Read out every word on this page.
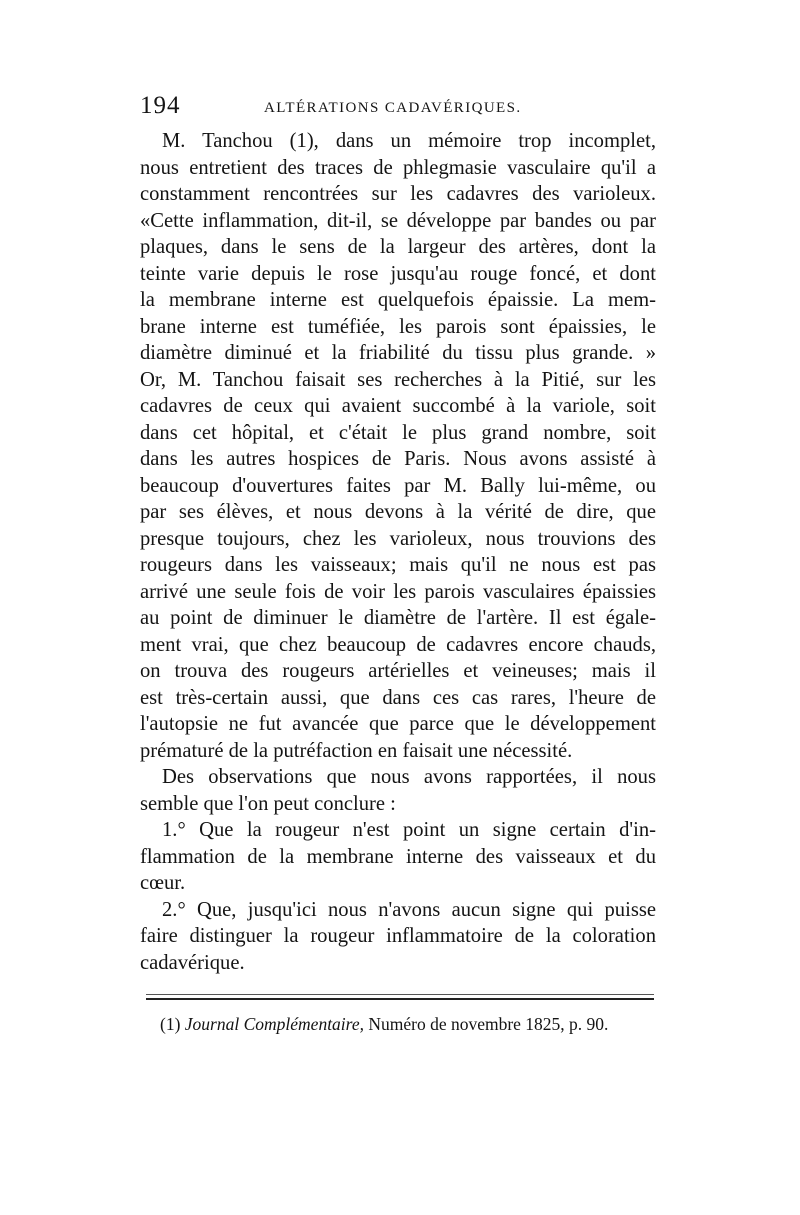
194	ALTÉRATIONS CADAVÉRIQUES.
M. Tanchou (1), dans un mémoire trop incomplet,
nous entretient des traces de phlegmasie vasculaire qu'il a
constamment rencontrées sur les cadavres des varioleux.
«Cette inflammation, dit-il, se développe par bandes ou par
plaques, dans le sens de la largeur des artères, dont la
teinte varie depuis le rose jusqu'au rouge foncé, et dont
la membrane interne est quelquefois épaissie. La mem-
brane interne est tuméfiée, les parois sont épaissies, le
diamètre diminué et la friabilité du tissu plus grande. »
Or, M. Tanchou faisait ses recherches à la Pitié, sur les
cadavres de ceux qui avaient succombé à la variole, soit
dans cet hôpital, et c'était le plus grand nombre, soit
dans les autres hospices de Paris. Nous avons assisté à
beaucoup d'ouvertures faites par M. Bally lui-même, ou
par ses élèves, et nous devons à la vérité de dire, que
presque toujours, chez les varioleux, nous trouvions des
rougeurs dans les vaisseaux; mais qu'il ne nous est pas
arrivé une seule fois de voir les parois vasculaires épaissies
au point de diminuer le diamètre de l'artère. Il est égale-
ment vrai, que chez beaucoup de cadavres encore chauds,
on trouva des rougeurs artérielles et veineuses; mais il
est très-certain aussi, que dans ces cas rares, l'heure de
l'autopsie ne fut avancée que parce que le développement
prématuré de la putréfaction en faisait une nécessité.
Des observations que nous avons rapportées, il nous
semble que l'on peut conclure :
1.° Que la rougeur n'est point un signe certain d'in-
flammation de la membrane interne des vaisseaux et du
cœur.
2.° Que, jusqu'ici nous n'avons aucun signe qui puisse
faire distinguer la rougeur inflammatoire de la coloration
cadavérique.
(1) Journal Complémentaire, Numéro de novembre 1825, p. 90.
